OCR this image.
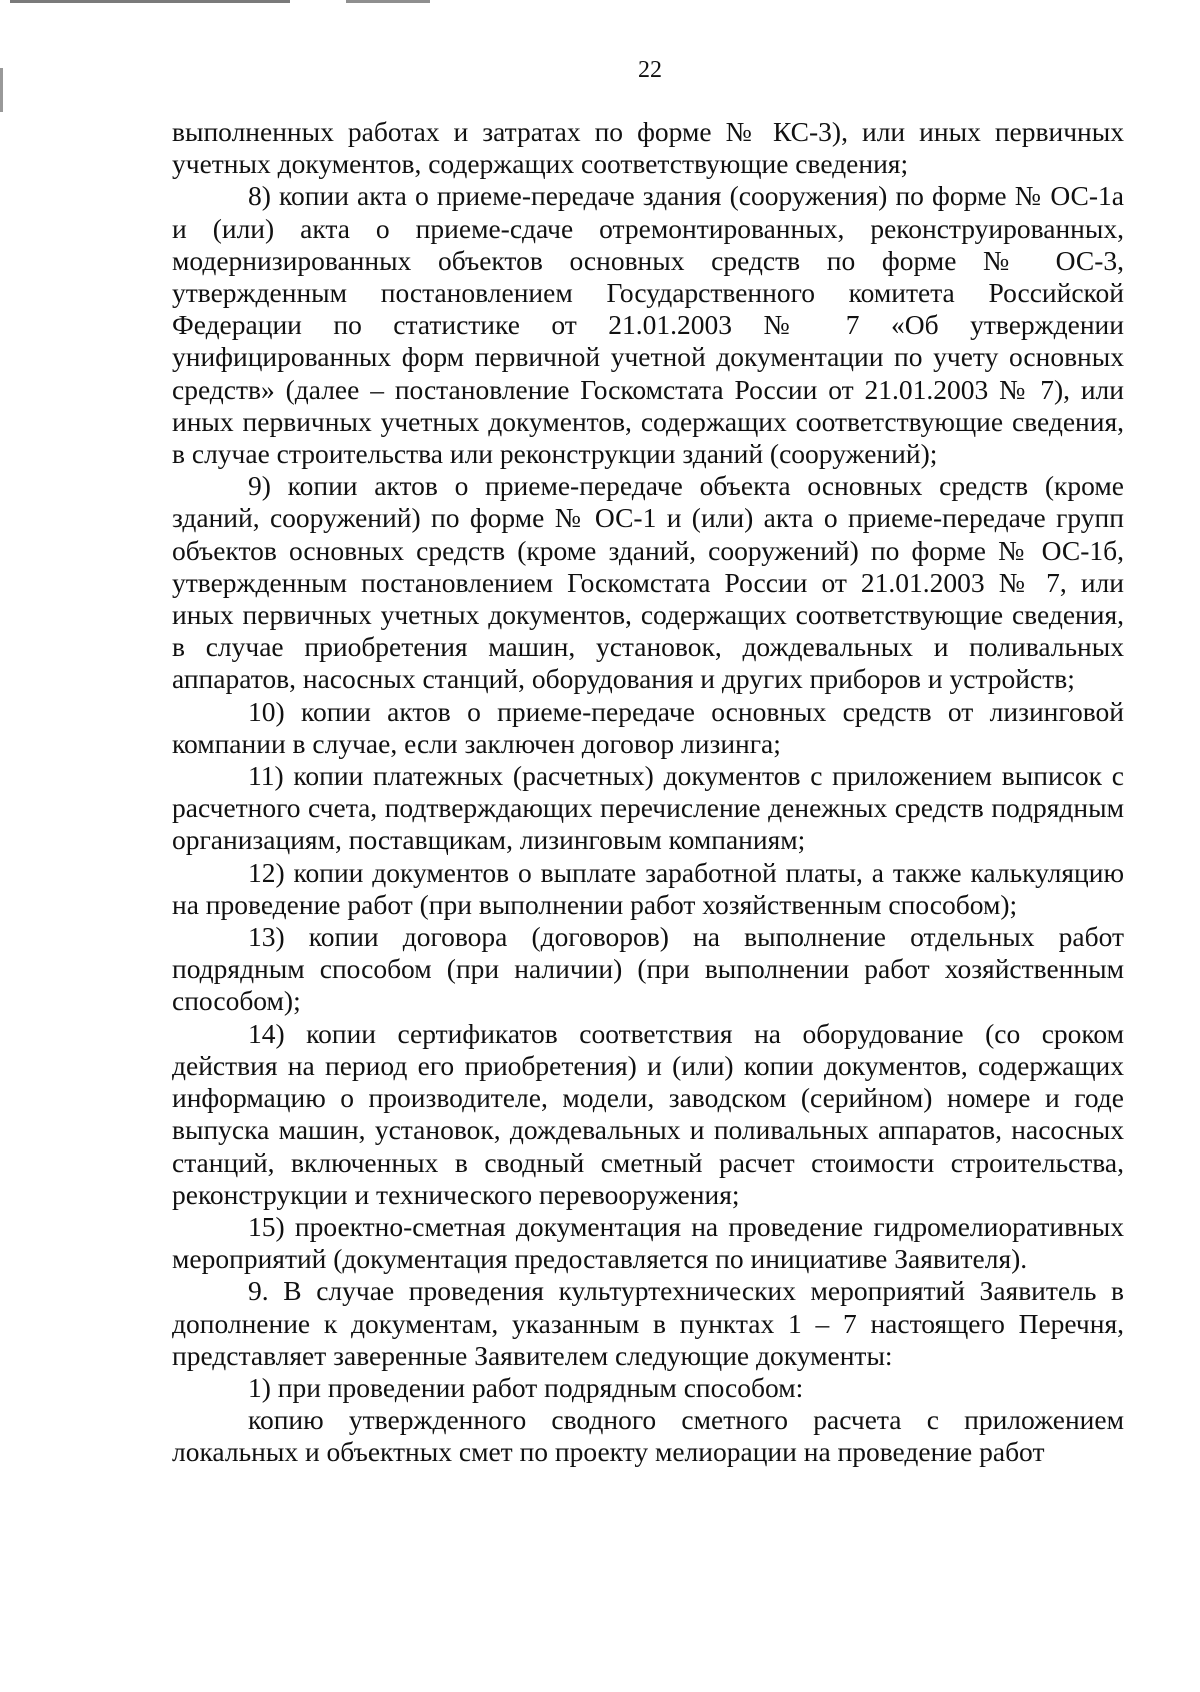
22

выполненных работах и затратах по форме № КС-3), или иных первичных учетных документов, содержащих соответствующие сведения;

8) копии акта о приеме-передаче здания (сооружения) по форме № ОС-1а и (или) акта о приеме-сдаче отремонтированных, реконструированных, модернизированных объектов основных средств по форме № ОС-3, утвержденным постановлением Государственного комитета Российской Федерации по статистике от 21.01.2003 № 7 «Об утверждении унифицированных форм первичной учетной документации по учету основных средств» (далее – постановление Госкомстата России от 21.01.2003 № 7), или иных первичных учетных документов, содержащих соответствующие сведения, в случае строительства или реконструкции зданий (сооружений);

9) копии актов о приеме-передаче объекта основных средств (кроме зданий, сооружений) по форме № ОС-1 и (или) акта о приеме-передаче групп объектов основных средств (кроме зданий, сооружений) по форме № ОС-1б, утвержденным постановлением Госкомстата России от 21.01.2003 № 7, или иных первичных учетных документов, содержащих соответствующие сведения, в случае приобретения машин, установок, дождевальных и поливальных аппаратов, насосных станций, оборудования и других приборов и устройств;

10) копии актов о приеме-передаче основных средств от лизинговой компании в случае, если заключен договор лизинга;

11) копии платежных (расчетных) документов с приложением выписок с расчетного счета, подтверждающих перечисление денежных средств подрядным организациям, поставщикам, лизинговым компаниям;

12) копии документов о выплате заработной платы, а также калькуляцию на проведение работ (при выполнении работ хозяйственным способом);

13) копии договора (договоров) на выполнение отдельных работ подрядным способом (при наличии) (при выполнении работ хозяйственным способом);

14) копии сертификатов соответствия на оборудование (со сроком действия на период его приобретения) и (или) копии документов, содержащих информацию о производителе, модели, заводском (серийном) номере и годе выпуска машин, установок, дождевальных и поливальных аппаратов, насосных станций, включенных в сводный сметный расчет стоимости строительства, реконструкции и технического перевооружения;

15) проектно-сметная документация на проведение гидромелиоративных мероприятий (документация предоставляется по инициативе Заявителя).

9. В случае проведения культуртехнических мероприятий Заявитель в дополнение к документам, указанным в пунктах 1 – 7 настоящего Перечня, представляет заверенные Заявителем следующие документы:

1) при проведении работ подрядным способом:

копию утвержденного сводного сметного расчета с приложением локальных и объектных смет по проекту мелиорации на проведение работ
